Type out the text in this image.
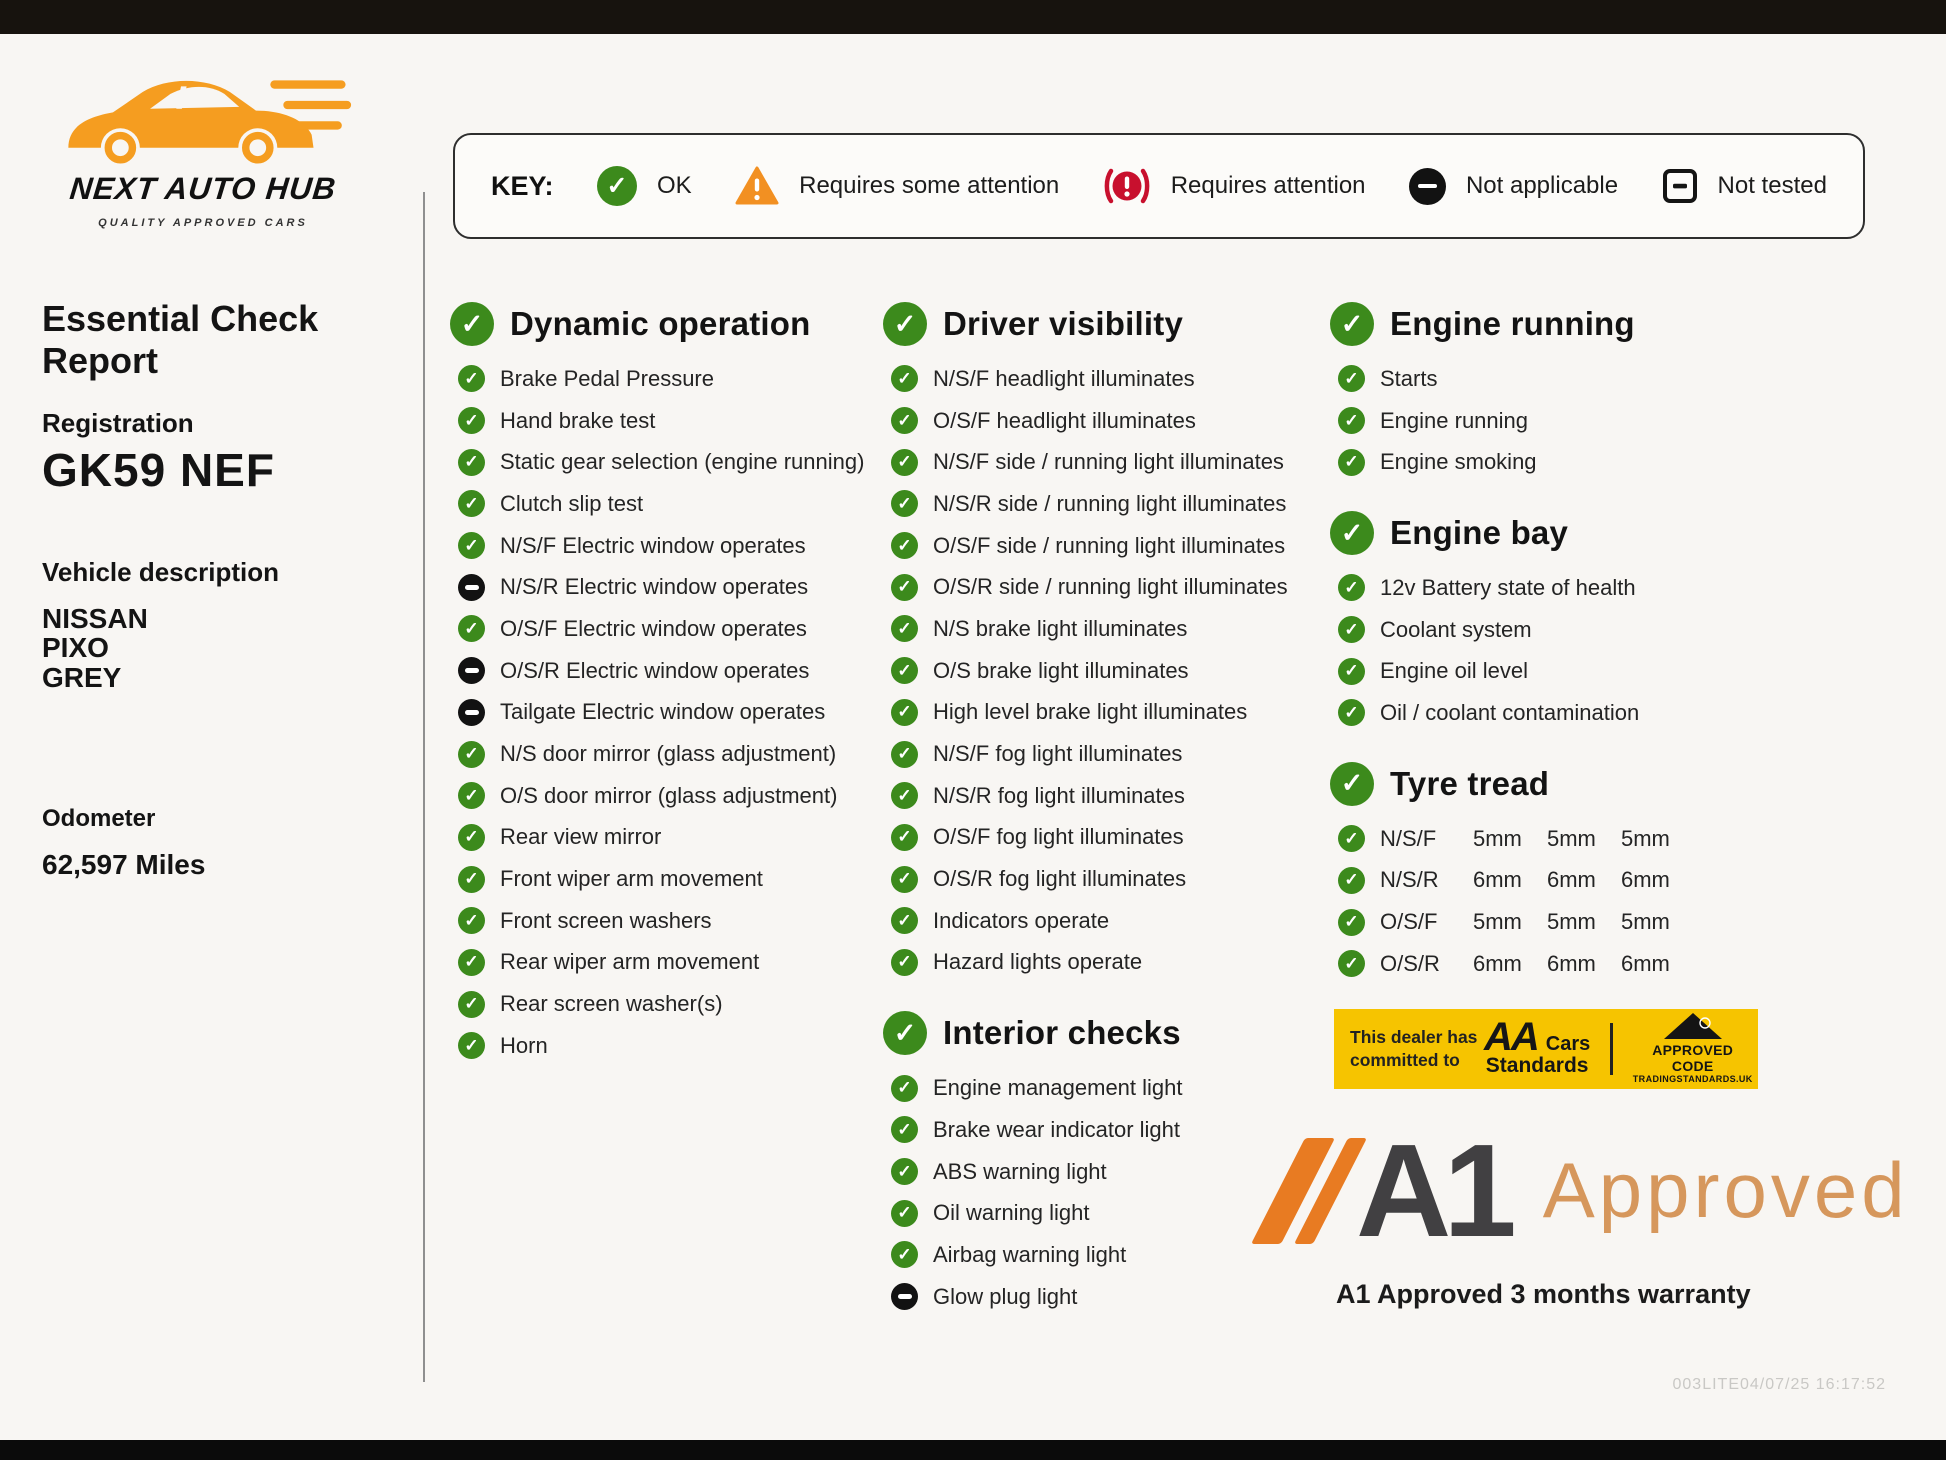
NEXT AUTO HUB
QUALITY APPROVED CARS
KEY:	✓	OK	Requires some attention	Requires attention	Not applicable	Not tested
Essential Check Report
Registration
GK59 NEF
Vehicle description
NISSAN
PIXO
GREY
Odometer
62,597 Miles
✓ Dynamic operation
✓ Brake Pedal Pressure
✓ Hand brake test
✓ Static gear selection (engine running)
✓ Clutch slip test
✓ N/S/F Electric window operates
N/S/R Electric window operates
✓ O/S/F Electric window operates
O/S/R Electric window operates
Tailgate Electric window operates
✓ N/S door mirror (glass adjustment)
✓ O/S door mirror (glass adjustment)
✓ Rear view mirror
✓ Front wiper arm movement
✓ Front screen washers
✓ Rear wiper arm movement
✓ Rear screen washer(s)
✓ Horn
✓ Driver visibility
✓ N/S/F headlight illuminates
✓ O/S/F headlight illuminates
✓ N/S/F side / running light illuminates
✓ N/S/R side / running light illuminates
✓ O/S/F side / running light illuminates
✓ O/S/R side / running light illuminates
✓ N/S brake light illuminates
✓ O/S brake light illuminates
✓ High level brake light illuminates
✓ N/S/F fog light illuminates
✓ N/S/R fog light illuminates
✓ O/S/F fog light illuminates
✓ O/S/R fog light illuminates
✓ Indicators operate
✓ Hazard lights operate
✓ Interior checks
✓ Engine management light
✓ Brake wear indicator light
✓ ABS warning light
✓ Oil warning light
✓ Airbag warning light
Glow plug light
✓ Engine running
✓ Starts
✓ Engine running
✓ Engine smoking
✓ Engine bay
✓ 12v Battery state of health
✓ Coolant system
✓ Engine oil level
✓ Oil / coolant contamination
✓ Tyre tread
✓ N/S/F	5mm	5mm	5mm
✓ N/S/R	6mm	6mm	6mm
✓ O/S/F	5mm	5mm	5mm
✓ O/S/R	6mm	6mm	6mm
This dealer has
committed to
AA Cars
Standards
APPROVED CODE
TRADINGSTANDARDS.UK
A1 Approved
A1 Approved 3 months warranty
003LITE04/07/25 16:17:52
